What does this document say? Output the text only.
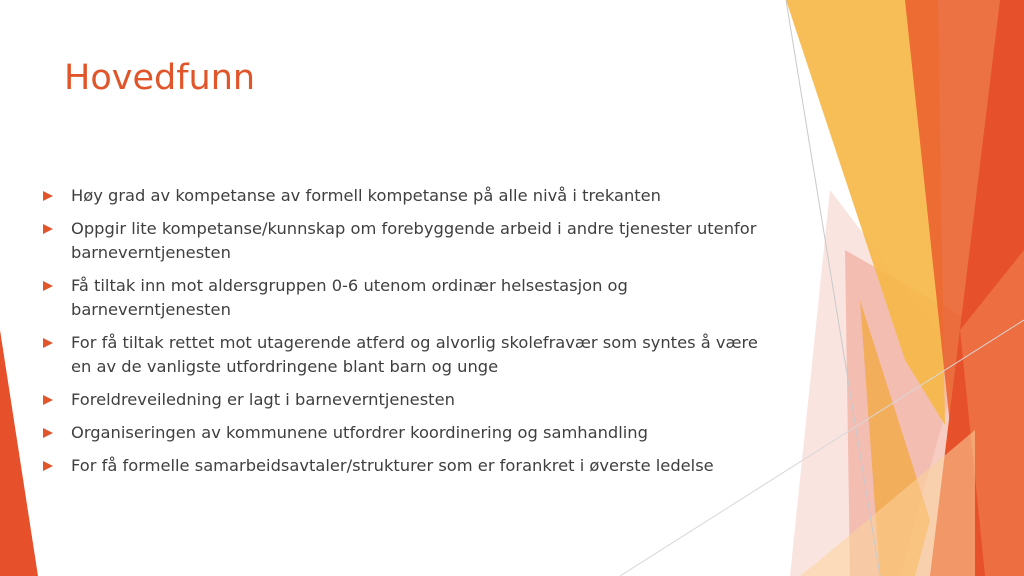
Hovedfunn
Høy grad av kompetanse av formell kompetanse på alle nivå i trekanten
Oppgir lite kompetanse/kunnskap om forebyggende arbeid i andre tjenester utenfor barneverntjenesten
Få tiltak inn mot aldersgruppen 0-6 utenom ordinær helsestasjon og barneverntjenesten
For få tiltak rettet mot utagerende atferd og alvorlig skolefravær som syntes å være en av de vanligste utfordringene blant barn og unge
Foreldreveiledning er lagt i barneverntjenesten
Organiseringen av kommunene utfordrer koordinering og samhandling
For få formelle samarbeidsavtaler/strukturer som er forankret i øverste ledelse
